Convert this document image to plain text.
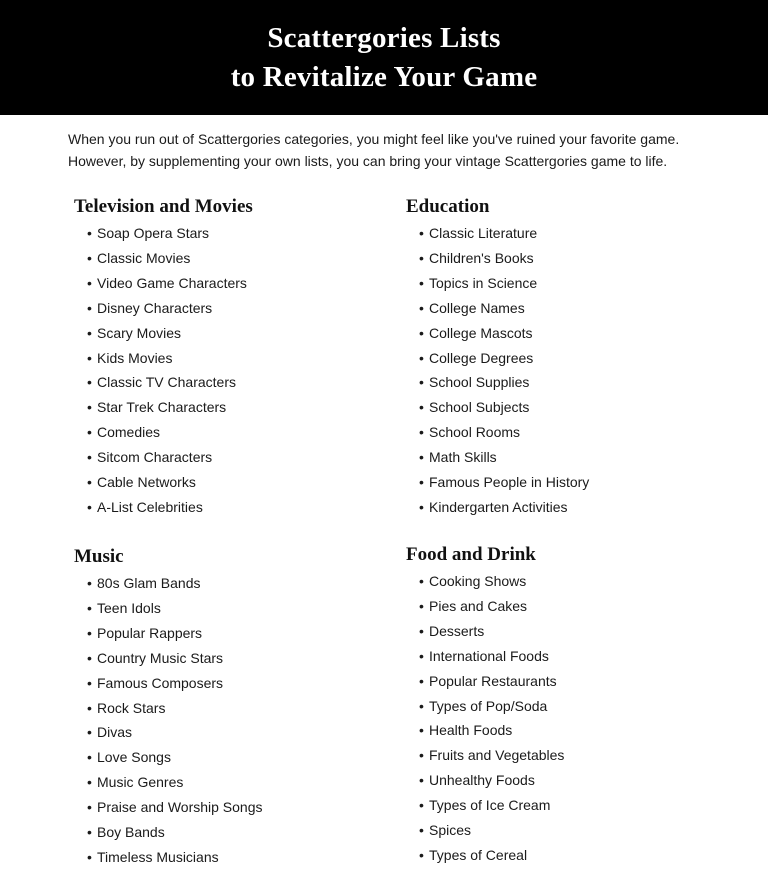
Scattergories Lists
to Revitalize Your Game

When you run out of Scattergories categories, you might feel like you've ruined your favorite game.

However, by supplementing your own lists, you can bring your vintage Scattergories game to life.

Television and Movies
• Soap Opera Stars
• Classic Movies
• Video Game Characters
• Disney Characters
• Scary Movies
• Kids Movies
• Classic TV Characters
• Star Trek Characters
• Comedies
• Sitcom Characters
• Cable Networks
• A-List Celebrities
Education
• Classic Literature
• Children's Books
• Topics in Science
• College Names
• College Mascots
• College Degrees
• School Supplies
• School Subjects
• School Rooms
• Math Skills
• Famous People in History
• Kindergarten Activities
Music
• 80s Glam Bands
• Teen Idols
• Popular Rappers
• Country Music Stars
• Famous Composers
• Rock Stars
• Divas
• Love Songs
• Music Genres
• Praise and Worship Songs
• Boy Bands
• Timeless Musicians
Food and Drink
• Cooking Shows
• Pies and Cakes
• Desserts
• International Foods
• Popular Restaurants
• Types of Pop/Soda
• Health Foods
• Fruits and Vegetables
• Unhealthy Foods
• Types of Ice Cream
• Spices
• Types of Cereal
